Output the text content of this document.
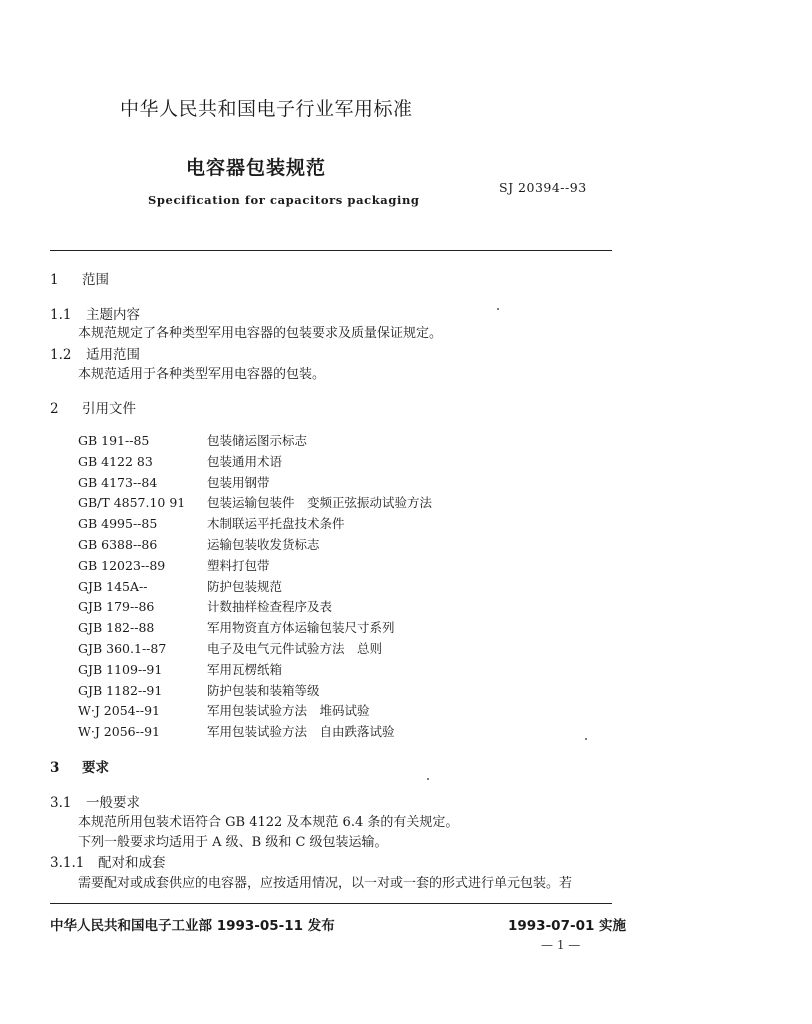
中华人民共和国电子行业军用标准
电容器包装规范
Specification for capacitors packaging
SJ 20394--93
1 范围
1.1 主题内容
本规范规定了各种类型军用电容器的包装要求及质量保证规定。
1.2 适用范围
本规范适用于各种类型军用电容器的包装。
2 引用文件
GB 191--85	包装储运图示标志
GB 4122 83	包装通用术语
GB 4173--84	包装用钢带
GB/T 4857.10 91 包装运输包装件　变频正弦振动试验方法
GB 4995--85	木制联运平托盘技术条件
GB 6388--86	运输包装收发货标志
GB 12023--89	塑料打包带
GJB 145A--	防护包装规范
GJB 179--86	计数抽样检查程序及表
GJB 182--88	军用物资直方体运输包装尺寸系列
GJB 360.1--87	电子及电气元件试验方法　总则
GJB 1109--91	军用瓦楞纸箱
GJB 1182--91	防护包装和装箱等级
W·J 2054--91	军用包装试验方法　堆码试验
W·J 2056--91	军用包装试验方法　自由跌落试验
3 要求
3.1 一般要求
本规范所用包装术语符合 GB 4122 及本规范 6.4 条的有关规定。
下列一般要求均适用于 A 级、B 级和 C 级包装运输。
3.1.1 配对和成套
需要配对或成套供应的电容器，应按适用情况，以一对或一套的形式进行单元包装。若
中华人民共和国电子工业部 1993-05-11 发布	1993-07-01 实施
— 1 —
